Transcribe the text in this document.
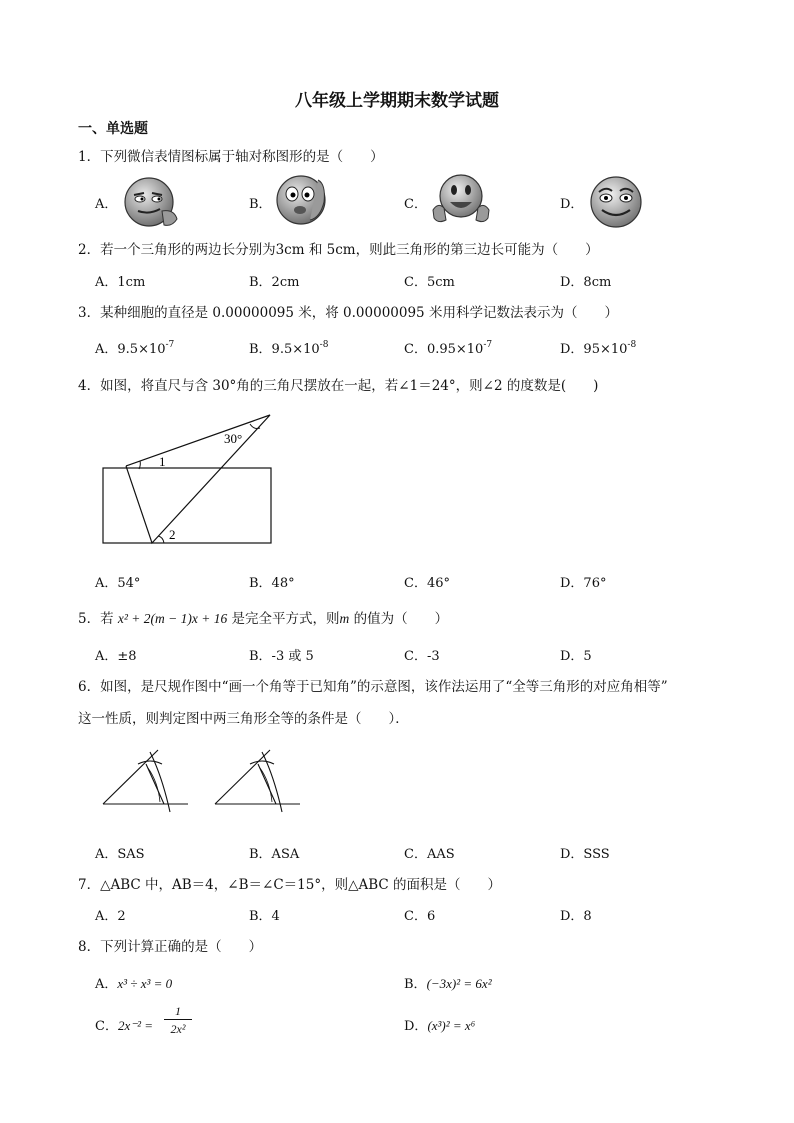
八年级上学期期末数学试题
一、单选题
1．下列微信表情图标属于轴对称图形的是（　　）
A．	B．	C．	D．
2．若一个三角形的两边长分别为3cm 和 5cm，则此三角形的第三边长可能为（　　）
A．1cm	B．2cm	C．5cm	D．8cm
3．某种细胞的直径是 0.00000095 米，将 0.00000095 米用科学记数法表示为（　　）
A．$9.5\times 10^{-7}$	B．$9.5\times 10^{-8}$	C．$0.95\times 10^{-7}$	D．$95\times 10^{-8}$
4．如图，将直尺与含 30°角的三角尺摆放在一起，若∠1＝24°，则∠2 的度数是(　　)
30°
1
2
A．54°	B．48°	C．46°	D．76°
5．若 x² + 2(m − 1)x + 16 是完全平方式，则m 的值为（　　）
A．±8	B．-3 或 5	C．-3	D．5
6．如图，是尺规作图中“画一个角等于已知角”的示意图，该作法运用了“全等三角形的对应角相等”
这一性质，则判定图中两三角形全等的条件是（　　）．
A．SAS	B．ASA	C．AAS	D．SSS
7．△ABC 中，AB＝4，∠B＝∠C＝15°，则△ABC 的面积是（　　）
A．2	B．4	C．6	D．8
8．下列计算正确的是（　　）
A．x³ ÷ x³ = 0	B．(−3x)² = 6x²
C．$2x^{-2} = \frac{1}{\text{2x²}}$	D．(x³)² = x⁶
